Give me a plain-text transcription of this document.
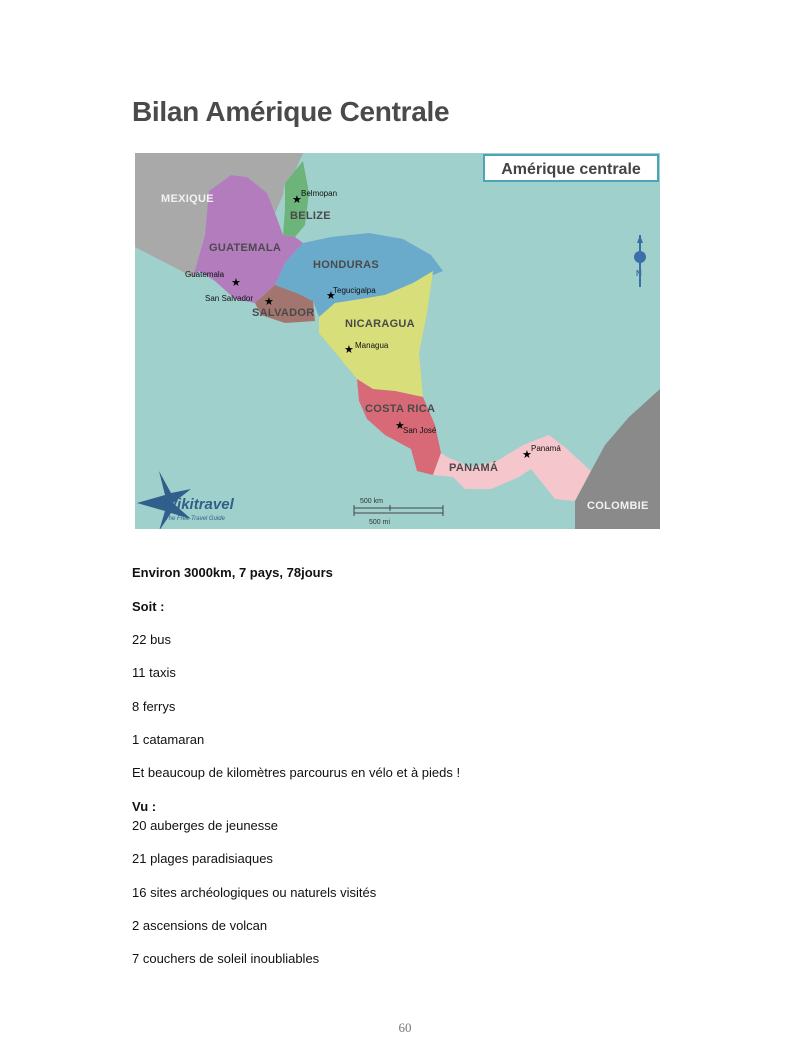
Bilan Amérique Centrale
Amérique centrale
MEXIQUE
BELIZE
GUATEMALA
HONDURAS
SALVADOR
NICARAGUA
COSTA RICA
PANAMÁ
COLOMBIE
★
Belmopan
★
Guatemala
★
San Salvador	★
Tegucigalpa
★ Managua
★
San José
★
Panamá
N
500 km
500 mi
Wikitravel
The Free Travel Guide

Environ 3000km, 7 pays, 78jours

Soit :

22 bus

11 taxis

8 ferrys

1 catamaran

Et beaucoup de kilomètres parcourus en vélo et à pieds !

Vu :

20 auberges de jeunesse

21 plages paradisiaques

16 sites archéologiques ou naturels visités

2 ascensions de volcan

7 couchers de soleil inoubliables

60
